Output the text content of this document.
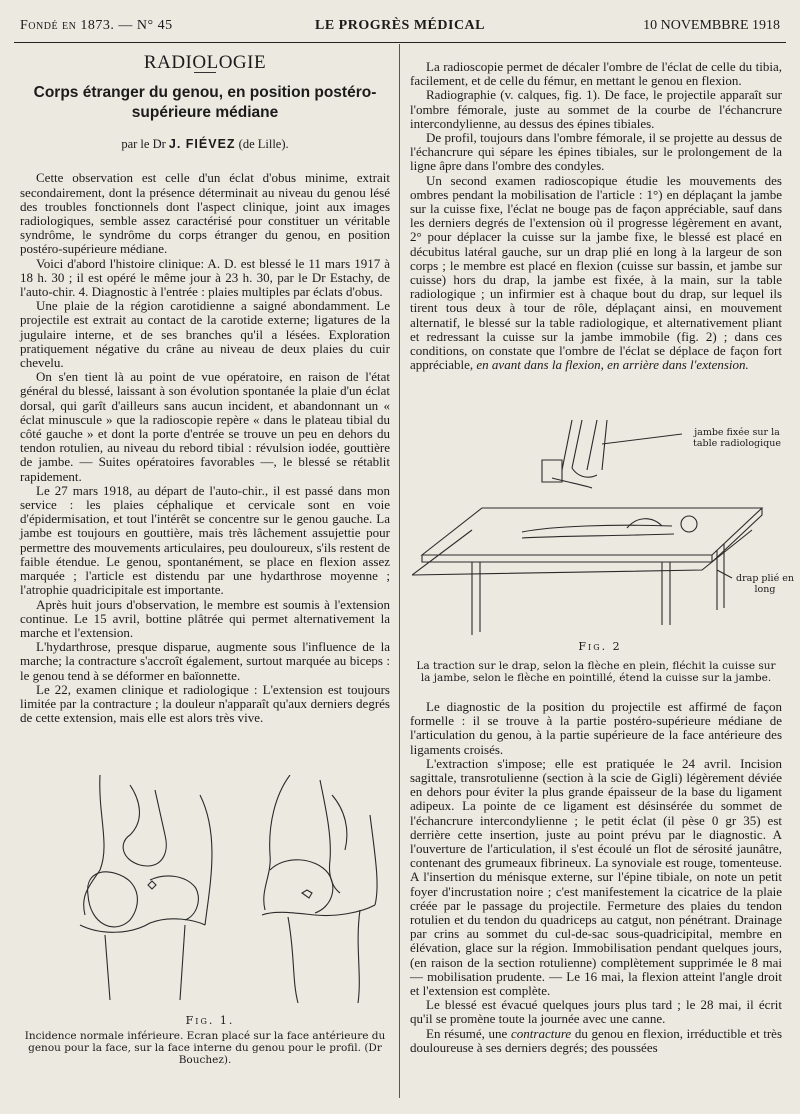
Fondé en 1873. — N° 45	LE PROGRÈS MÉDICAL	10 NOVEMBBRE 1918
RADIOLOGIE
Corps étranger du genou, en position postéro-supérieure médiane
par le Dr J. FIÉVEZ (de Lille).

Cette observation est celle d'un éclat d'obus minime, extrait secondairement, dont la présence déterminait au niveau du genou lésé des troubles fonctionnels dont l'aspect clinique, joint aux images radiologiques, semble assez caractérisé pour constituer un véritable syndrôme, le syndrôme du corps étranger du genou, en position postéro-supérieure médiane.

Voici d'abord l'histoire clinique: A. D. est blessé le 11 mars 1917 à 18 h. 30 ; il est opéré le même jour à 23 h. 30, par le Dr Estachy, de l'auto-chir. 4. Diagnostic à l'entrée : plaies multiples par éclats d'obus.

Une plaie de la région carotidienne a saigné abondamment. Le projectile est extrait au contact de la carotide externe; ligatures de la jugulaire interne, et de ses branches qu'il a lésées. Exploration pratiquement négative du crâne au niveau de deux plaies du cuir chevelu.

On s'en tient là au point de vue opératoire, en raison de l'état général du blessé, laissant à son évolution spontanée la plaie d'un éclat dorsal, qui garît d'ailleurs sans aucun incident, et abandonnant un « éclat minuscule » que la radioscopie repère « dans le plateau tibial du côté gauche » et dont la porte d'entrée se trouve un peu en dehors du tendon rotulien, au niveau du rebord tibial : révulsion iodée, gouttière de jambe. — Suites opératoires favorables —, le blessé se rétablit rapidement.

Le 27 mars 1918, au départ de l'auto-chir., il est passé dans mon service : les plaies céphalique et cervicale sont en voie d'épidermisation, et tout l'intérêt se concentre sur le genou gauche. La jambe est toujours en gouttière, mais très lâchement assujettie pour permettre des mouvements articulaires, peu douloureux, s'ils restent de faible étendue. Le genou, spontanément, se place en flexion assez marquée ; l'article est distendu par une hydarthrose moyenne ; l'atrophie quadricipitale est importante.

Après huit jours d'observation, le membre est soumis à l'extension continue. Le 15 avril, bottine plâtrée qui permet alternativement la marche et l'extension.

L'hydarthrose, presque disparue, augmente sous l'influence de la marche; la contracture s'accroît également, surtout marquée au biceps : le genou tend à se déformer en baïonnette.

Le 22, examen clinique et radiologique : L'extension est toujours limitée par la contracture ; la douleur n'apparaît qu'aux derniers degrés de cette extension, mais elle est alors très vive.

Fig. 1.
Incidence normale inférieure. Ecran placé sur la face antérieure du genou pour la face, sur la face interne du genou pour le profil. (Dr Bouchez).

La radioscopie permet de décaler l'ombre de l'éclat de celle du tibia, facilement, et de celle du fémur, en mettant le genou en flexion.

Radiographie (v. calques, fig. 1). De face, le projectile apparaît sur l'ombre fémorale, juste au sommet de la courbe de l'échancrure intercondylienne, au dessus des épines tibiales.

De profil, toujours dans l'ombre fémorale, il se projette au dessus de l'échancrure qui sépare les épines tibiales, sur le prolongement de la ligne âpre dans l'ombre des condyles.

Un second examen radioscopique étudie les mouvements des ombres pendant la mobilisation de l'article : 1°) en déplaçant la jambe sur la cuisse fixe, l'éclat ne bouge pas de façon appréciable, sauf dans les derniers degrés de l'extension où il progresse légèrement en avant, 2° pour déplacer la cuisse sur la jambe fixe, le blessé est placé en décubitus latéral gauche, sur un drap plié en long à la largeur de son corps ; le membre est placé en flexion (cuisse sur bassin, et jambe sur cuisse) hors du drap, la jambe est fixée, à la main, sur la table radiologique ; un infirmier est à chaque bout du drap, sur lequel ils tirent tous deux à tour de rôle, déplaçant ainsi, en mouvement alternatif, le blessé sur la table radiologique, et alternativement pliant et redressant la cuisse sur la jambe immobile (fig. 2) ; dans ces conditions, on constate que l'ombre de l'éclat se déplace de façon fort appréciable, en avant dans la flexion, en arrière dans l'extension.

jambe fixée sur la table radiologique
drap plié en long
Fig. 2
La traction sur le drap, selon la flèche en plein, fléchit la cuisse sur la jambe, selon le flèche en pointillé, étend la cuisse sur la jambe.

Le diagnostic de la position du projectile est affirmé de façon formelle : il se trouve à la partie postéro-supérieure médiane de l'articulation du genou, à la partie supérieure de la face antérieure des ligaments croisés.

L'extraction s'impose; elle est pratiquée le 24 avril. Incision sagittale, transrotulienne (section à la scie de Gigli) légèrement déviée en dehors pour éviter la plus grande épaisseur de la base du ligament adipeux. La pointe de ce ligament est désinsérée du sommet de l'échancrure intercondylienne ; le petit éclat (il pèse 0 gr 35) est derrière cette insertion, juste au point prévu par le diagnostic. A l'ouverture de l'articulation, il s'est écoulé un flot de sérosité jaunâtre, contenant des grumeaux fibrineux. La synoviale est rouge, tomenteuse. A l'insertion du ménisque externe, sur l'épine tibiale, on note un petit foyer d'incrustation noire ; c'est manifestement la cicatrice de la plaie créée par le passage du projectile. Fermeture des plaies du tendon rotulien et du tendon du quadriceps au catgut, non pénétrant. Drainage par crins au sommet du cul-de-sac sous-quadricipital, membre en élévation, glace sur la région. Immobilisation pendant quelques jours, (en raison de la section rotulienne) complètement supprimée le 8 mai — mobilisation prudente. — Le 16 mai, la flexion atteint l'angle droit et l'extension est complète.

Le blessé est évacué quelques jours plus tard ; le 28 mai, il écrit qu'il se promène toute la journée avec une canne.

En résumé, une contracture du genou en flexion, irréductible et très douloureuse à ses derniers degrés; des poussées
